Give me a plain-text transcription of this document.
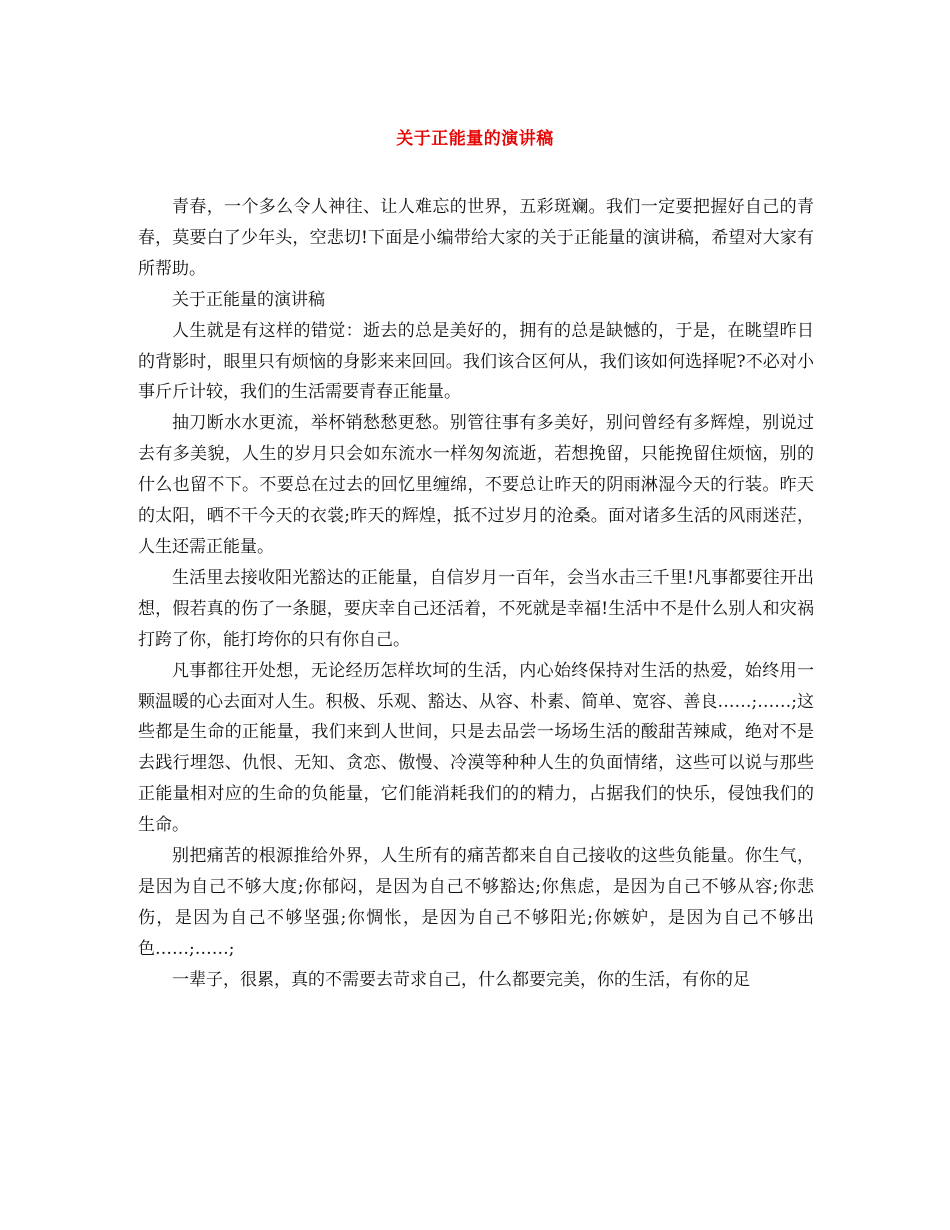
关于正能量的演讲稿

青春，一个多么令人神往、让人难忘的世界，五彩斑斓。我们一定要把握好自己的青春，莫要白了少年头，空悲切!下面是小编带给大家的关于正能量的演讲稿，希望对大家有所帮助。

关于正能量的演讲稿

人生就是有这样的错觉：逝去的总是美好的，拥有的总是缺憾的，于是，在眺望昨日的背影时，眼里只有烦恼的身影来来回回。我们该合区何从，我们该如何选择呢?不必对小事斤斤计较，我们的生活需要青春正能量。

抽刀断水水更流，举杯销愁愁更愁。别管往事有多美好，别问曾经有多辉煌，别说过去有多美貌，人生的岁月只会如东流水一样匆匆流逝，若想挽留，只能挽留住烦恼，别的什么也留不下。不要总在过去的回忆里缠绵，不要总让昨天的阴雨淋湿今天的行装。昨天的太阳，晒不干今天的衣裳;昨天的辉煌，抵不过岁月的沧桑。面对诸多生活的风雨迷茫，人生还需正能量。

生活里去接收阳光豁达的正能量，自信岁月一百年，会当水击三千里!凡事都要往开出想，假若真的伤了一条腿，要庆幸自己还活着，不死就是幸福!生活中不是什么别人和灾祸打跨了你，能打垮你的只有你自己。

凡事都往开处想，无论经历怎样坎坷的生活，内心始终保持对生活的热爱，始终用一颗温暖的心去面对人生。积极、乐观、豁达、从容、朴素、简单、宽容、善良……;……;这些都是生命的正能量，我们来到人世间，只是去品尝一场场生活的酸甜苦辣咸，绝对不是去践行埋怨、仇恨、无知、贪恋、傲慢、冷漠等种种人生的负面情绪，这些可以说与那些正能量相对应的生命的负能量，它们能消耗我们的的精力，占据我们的快乐，侵蚀我们的生命。

别把痛苦的根源推给外界，人生所有的痛苦都来自自己接收的这些负能量。你生气，是因为自己不够大度;你郁闷，是因为自己不够豁达;你焦虑，是因为自己不够从容;你悲伤，是因为自己不够坚强;你惆怅，是因为自己不够阳光;你嫉妒，是因为自己不够出色……;……;

一辈子，很累，真的不需要去苛求自己，什么都要完美，你的生活，有你的足
